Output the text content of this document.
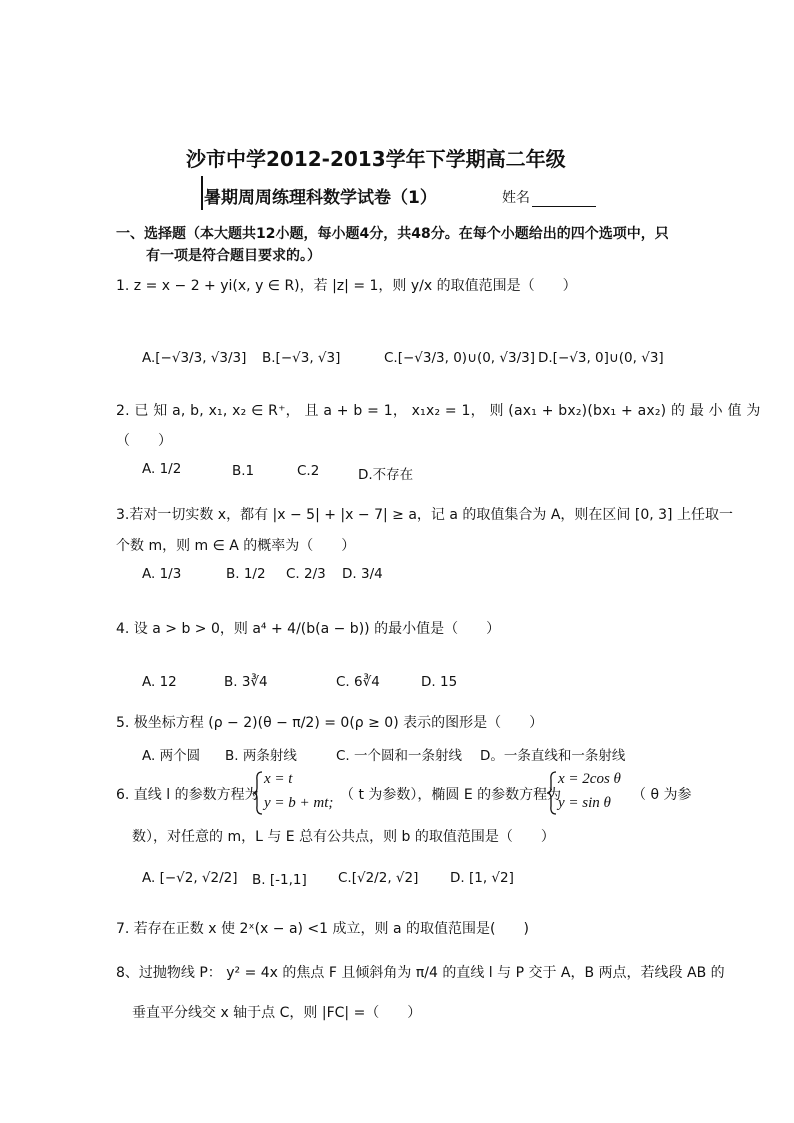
沙市中学2012-2013学年下学期高二年级
暑期周周练理科数学试卷（1）	姓名
一、选择题（本大题共12小题，每小题4分，共48分。在每个小题给出的四个选项中，只
有一项是符合题目要求的。）
1. z = x − 2 + yi(x, y ∈ R)，若 |z| = 1，则 y/x 的取值范围是（　　）
A.[−√3/3, √3/3] B.[−√3, √3]	C.[−√3/3, 0)∪(0, √3/3] D.[−√3, 0]∪(0, √3]
2. 已 知 a, b, x₁, x₂ ∈ R⁺， 且 a + b = 1， x₁x₂ = 1， 则 (ax₁ + bx₂)(bx₁ + ax₂) 的 最 小 值 为
（　　）
A. 1/2	B.1	C.2	D.不存在
3.若对一切实数 x，都有 |x − 5| + |x − 7| ≥ a，记 a 的取值集合为 A，则在区间 [0, 3] 上任取一
个数 m，则 m ∈ A 的概率为（　　）
A. 1/3	B. 1/2 C. 2/3 D. 3/4
4. 设 a > b > 0，则 a⁴ + 4/(b(a − b)) 的最小值是（　　）
A. 12	B. 3∛4	C. 6∛4	D. 15
5. 极坐标方程 (ρ − 2)(θ − π/2) = 0(ρ ≥ 0) 表示的图形是（　　）
A. 两个圆 B. 两条射线	C. 一个圆和一条射线 D。一条直线和一条射线
6. 直线 l 的参数方程为
x = t
y = b + mt; （ t 为参数），椭圆 E 的参数方程为
x = 2cos θ
y = sin θ （ θ 为参
数），对任意的 m，L 与 E 总有公共点，则 b 的取值范围是（　　）
A. [−√2, √2/2] B. [-1,1] C.[√2/2, √2] D. [1, √2]
7. 若存在正数 x 使 2ˣ(x − a) <1 成立，则 a 的取值范围是(　　)
8、过抛物线 P： y² = 4x 的焦点 F 且倾斜角为 π/4 的直线 l 与 P 交于 A，B 两点，若线段 AB 的
垂直平分线交 x 轴于点 C，则 |FC| =（　　）
